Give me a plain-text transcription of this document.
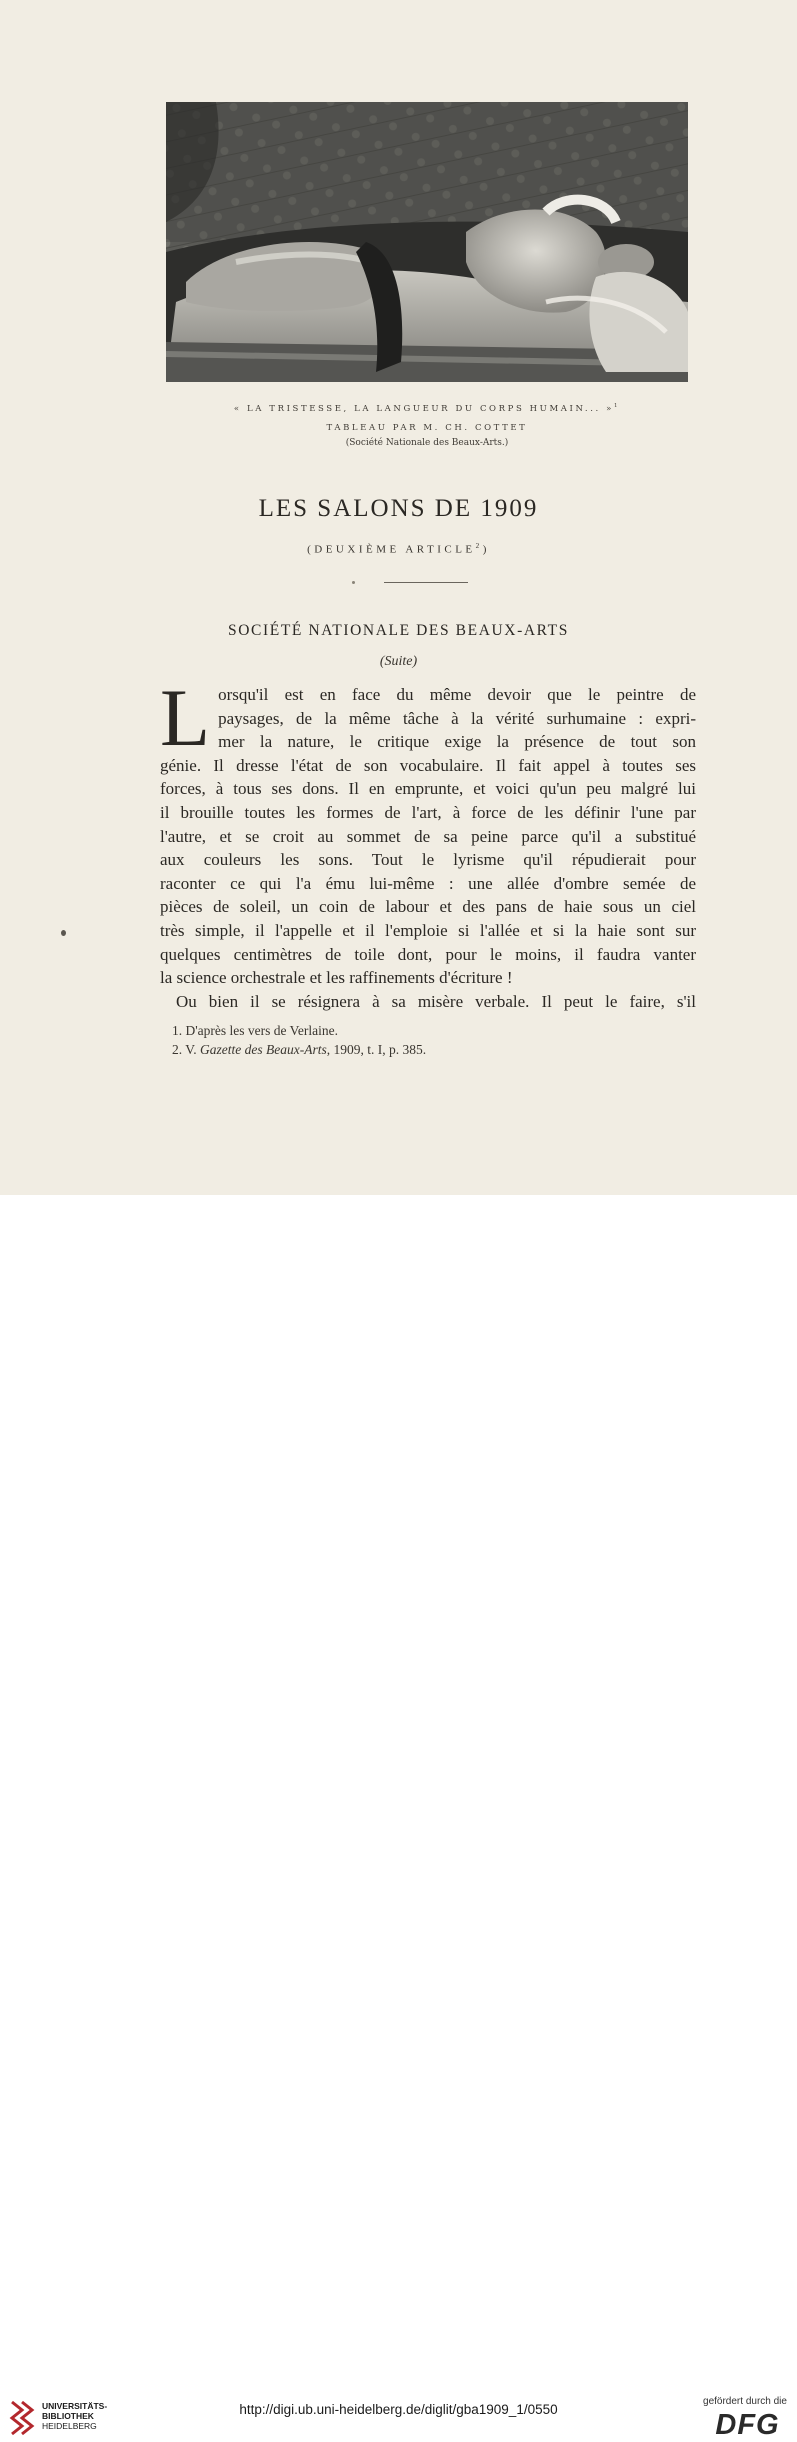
« LA TRISTESSE, LA LANGUEUR DU CORPS HUMAIN... »$^1$
TABLEAU PAR M. CH. COTTET
(Société Nationale des Beaux-Arts.)
LES SALONS DE 1909
(DEUXIÈME ARTICLE$^2$)
SOCIÉTÉ NATIONALE DES BEAUX-ARTS
(Suite)
L orsqu'il est en face du même devoir que le peintre de
paysages, de la même tâche à la vérité surhumaine : expri-
mer la nature, le critique exige la présence de tout son
génie. Il dresse l'état de son vocabulaire. Il fait appel à toutes ses
forces, à tous ses dons. Il en emprunte, et voici qu'un peu malgré lui
il brouille toutes les formes de l'art, à force de les définir l'une par
l'autre, et se croit au sommet de sa peine parce qu'il a substitué
aux couleurs les sons. Tout le lyrisme qu'il répudierait pour
raconter ce qui l'a ému lui-même : une allée d'ombre semée de
pièces de soleil, un coin de labour et des pans de haie sous un ciel
très simple, il l'appelle et il l'emploie si l'allée et si la haie sont sur
quelques centimètres de toile dont, pour le moins, il faudra vanter
la science orchestrale et les raffinements d'écriture !
Ou bien il se résignera à sa misère verbale. Il peut le faire, s'il
1. D'après les vers de Verlaine.
2. V. Gazette des Beaux-Arts, 1909, t. I, p. 385.
UNIVERSITÄTS-
BIBLIOTHEK
HEIDELBERG
http://digi.ub.uni-heidelberg.de/diglit/gba1909_1/0550
gefördert durch die
DFG
